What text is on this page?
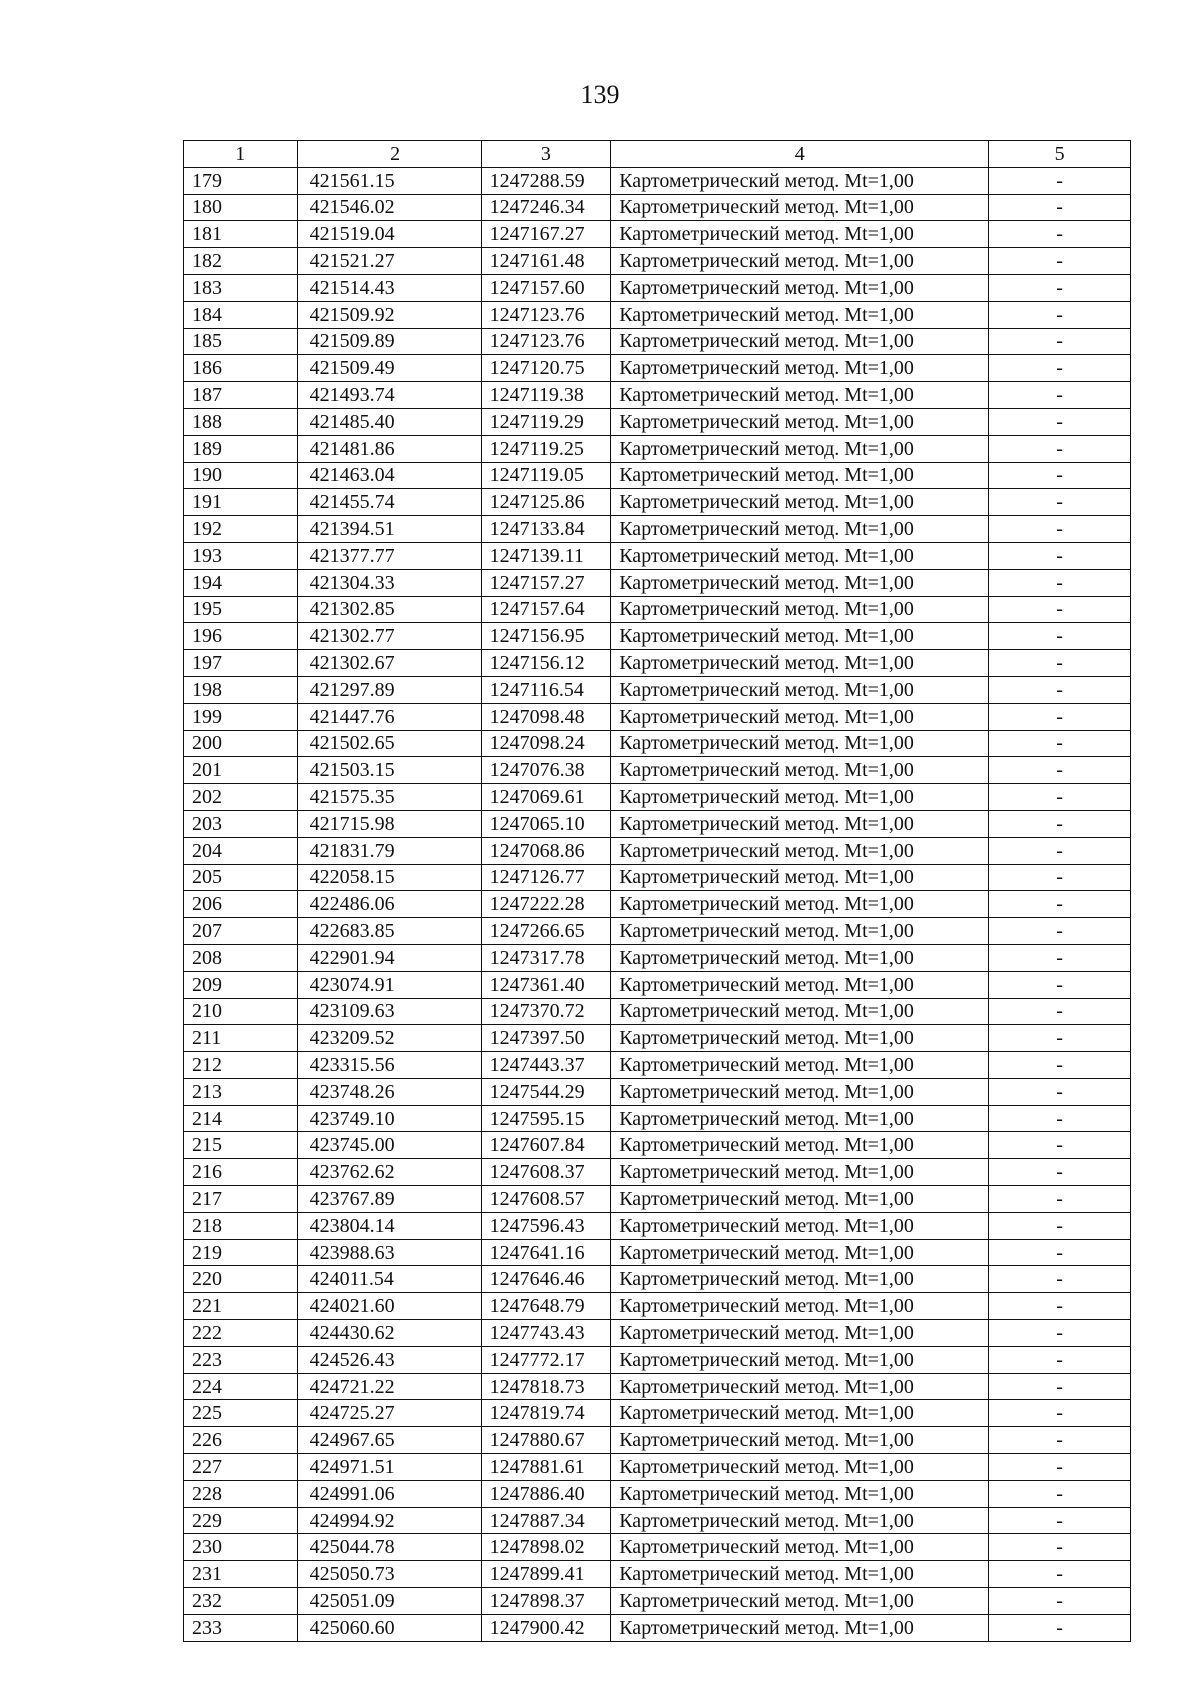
139
1	2	3	4	5
179	421561.15	1247288.59	Картометрический метод. Mt=1,00	-
180	421546.02	1247246.34	Картометрический метод. Mt=1,00	-
181	421519.04	1247167.27	Картометрический метод. Mt=1,00	-
182	421521.27	1247161.48	Картометрический метод. Mt=1,00	-
183	421514.43	1247157.60	Картометрический метод. Mt=1,00	-
184	421509.92	1247123.76	Картометрический метод. Mt=1,00	-
185	421509.89	1247123.76	Картометрический метод. Mt=1,00	-
186	421509.49	1247120.75	Картометрический метод. Mt=1,00	-
187	421493.74	1247119.38	Картометрический метод. Mt=1,00	-
188	421485.40	1247119.29	Картометрический метод. Mt=1,00	-
189	421481.86	1247119.25	Картометрический метод. Mt=1,00	-
190	421463.04	1247119.05	Картометрический метод. Mt=1,00	-
191	421455.74	1247125.86	Картометрический метод. Mt=1,00	-
192	421394.51	1247133.84	Картометрический метод. Mt=1,00	-
193	421377.77	1247139.11	Картометрический метод. Mt=1,00	-
194	421304.33	1247157.27	Картометрический метод. Mt=1,00	-
195	421302.85	1247157.64	Картометрический метод. Mt=1,00	-
196	421302.77	1247156.95	Картометрический метод. Mt=1,00	-
197	421302.67	1247156.12	Картометрический метод. Mt=1,00	-
198	421297.89	1247116.54	Картометрический метод. Mt=1,00	-
199	421447.76	1247098.48	Картометрический метод. Mt=1,00	-
200	421502.65	1247098.24	Картометрический метод. Mt=1,00	-
201	421503.15	1247076.38	Картометрический метод. Mt=1,00	-
202	421575.35	1247069.61	Картометрический метод. Mt=1,00	-
203	421715.98	1247065.10	Картометрический метод. Mt=1,00	-
204	421831.79	1247068.86	Картометрический метод. Mt=1,00	-
205	422058.15	1247126.77	Картометрический метод. Mt=1,00	-
206	422486.06	1247222.28	Картометрический метод. Mt=1,00	-
207	422683.85	1247266.65	Картометрический метод. Mt=1,00	-
208	422901.94	1247317.78	Картометрический метод. Mt=1,00	-
209	423074.91	1247361.40	Картометрический метод. Mt=1,00	-
210	423109.63	1247370.72	Картометрический метод. Mt=1,00	-
211	423209.52	1247397.50	Картометрический метод. Mt=1,00	-
212	423315.56	1247443.37	Картометрический метод. Mt=1,00	-
213	423748.26	1247544.29	Картометрический метод. Mt=1,00	-
214	423749.10	1247595.15	Картометрический метод. Mt=1,00	-
215	423745.00	1247607.84	Картометрический метод. Mt=1,00	-
216	423762.62	1247608.37	Картометрический метод. Mt=1,00	-
217	423767.89	1247608.57	Картометрический метод. Mt=1,00	-
218	423804.14	1247596.43	Картометрический метод. Mt=1,00	-
219	423988.63	1247641.16	Картометрический метод. Mt=1,00	-
220	424011.54	1247646.46	Картометрический метод. Mt=1,00	-
221	424021.60	1247648.79	Картометрический метод. Mt=1,00	-
222	424430.62	1247743.43	Картометрический метод. Mt=1,00	-
223	424526.43	1247772.17	Картометрический метод. Mt=1,00	-
224	424721.22	1247818.73	Картометрический метод. Mt=1,00	-
225	424725.27	1247819.74	Картометрический метод. Mt=1,00	-
226	424967.65	1247880.67	Картометрический метод. Mt=1,00	-
227	424971.51	1247881.61	Картометрический метод. Mt=1,00	-
228	424991.06	1247886.40	Картометрический метод. Mt=1,00	-
229	424994.92	1247887.34	Картометрический метод. Mt=1,00	-
230	425044.78	1247898.02	Картометрический метод. Mt=1,00	-
231	425050.73	1247899.41	Картометрический метод. Mt=1,00	-
232	425051.09	1247898.37	Картометрический метод. Mt=1,00	-
233	425060.60	1247900.42	Картометрический метод. Mt=1,00	-
